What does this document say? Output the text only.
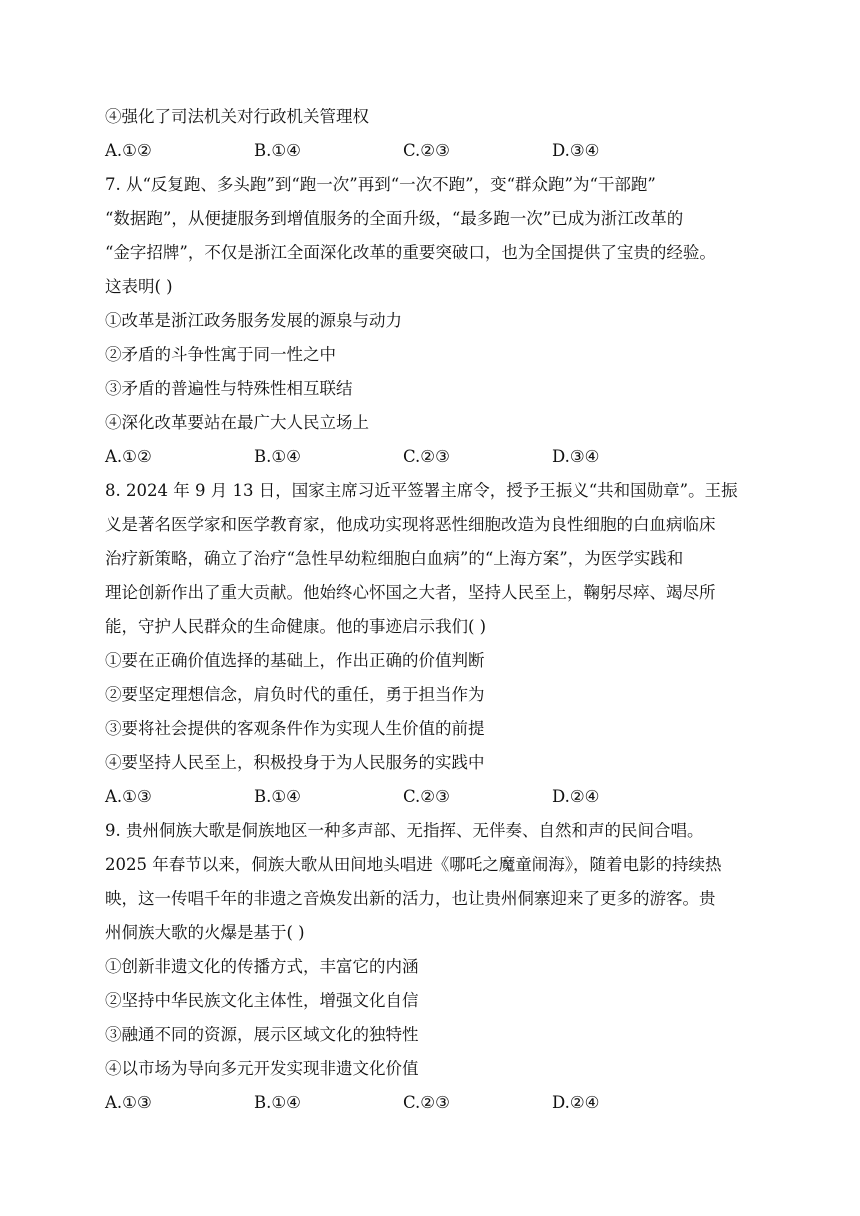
④强化了司法机关对行政机关管理权
A.①②	B.①④	C.②③	D.③④
7. 从“反复跑、多头跑”到“跑一次”再到“一次不跑”，变“群众跑”为“干部跑”
“数据跑”，从便捷服务到增值服务的全面升级，“最多跑一次”已成为浙江改革的
“金字招牌”，不仅是浙江全面深化改革的重要突破口，也为全国提供了宝贵的经验。
这表明( )
①改革是浙江政务服务发展的源泉与动力
②矛盾的斗争性寓于同一性之中
③矛盾的普遍性与特殊性相互联结
④深化改革要站在最广大人民立场上
A.①②	B.①④	C.②③	D.③④
8. 2024 年 9 月 13 日，国家主席习近平签署主席令，授予王振义“共和国勋章”。王振
义是著名医学家和医学教育家，他成功实现将恶性细胞改造为良性细胞的白血病临床
治疗新策略，确立了治疗“急性早幼粒细胞白血病”的“上海方案”，为医学实践和
理论创新作出了重大贡献。他始终心怀国之大者，坚持人民至上，鞠躬尽瘁、竭尽所
能，守护人民群众的生命健康。他的事迹启示我们( )
①要在正确价值选择的基础上，作出正确的价值判断
②要坚定理想信念，肩负时代的重任，勇于担当作为
③要将社会提供的客观条件作为实现人生价值的前提
④要坚持人民至上，积极投身于为人民服务的实践中
A.①③	B.①④	C.②③	D.②④
9. 贵州侗族大歌是侗族地区一种多声部、无指挥、无伴奏、自然和声的民间合唱。
2025 年春节以来，侗族大歌从田间地头唱进《哪吒之魔童闹海》，随着电影的持续热
映，这一传唱千年的非遗之音焕发出新的活力，也让贵州侗寨迎来了更多的游客。贵
州侗族大歌的火爆是基于( )
①创新非遗文化的传播方式，丰富它的内涵
②坚持中华民族文化主体性，增强文化自信
③融通不同的资源，展示区域文化的独特性
④以市场为导向多元开发实现非遗文化价值
A.①③	B.①④	C.②③	D.②④
